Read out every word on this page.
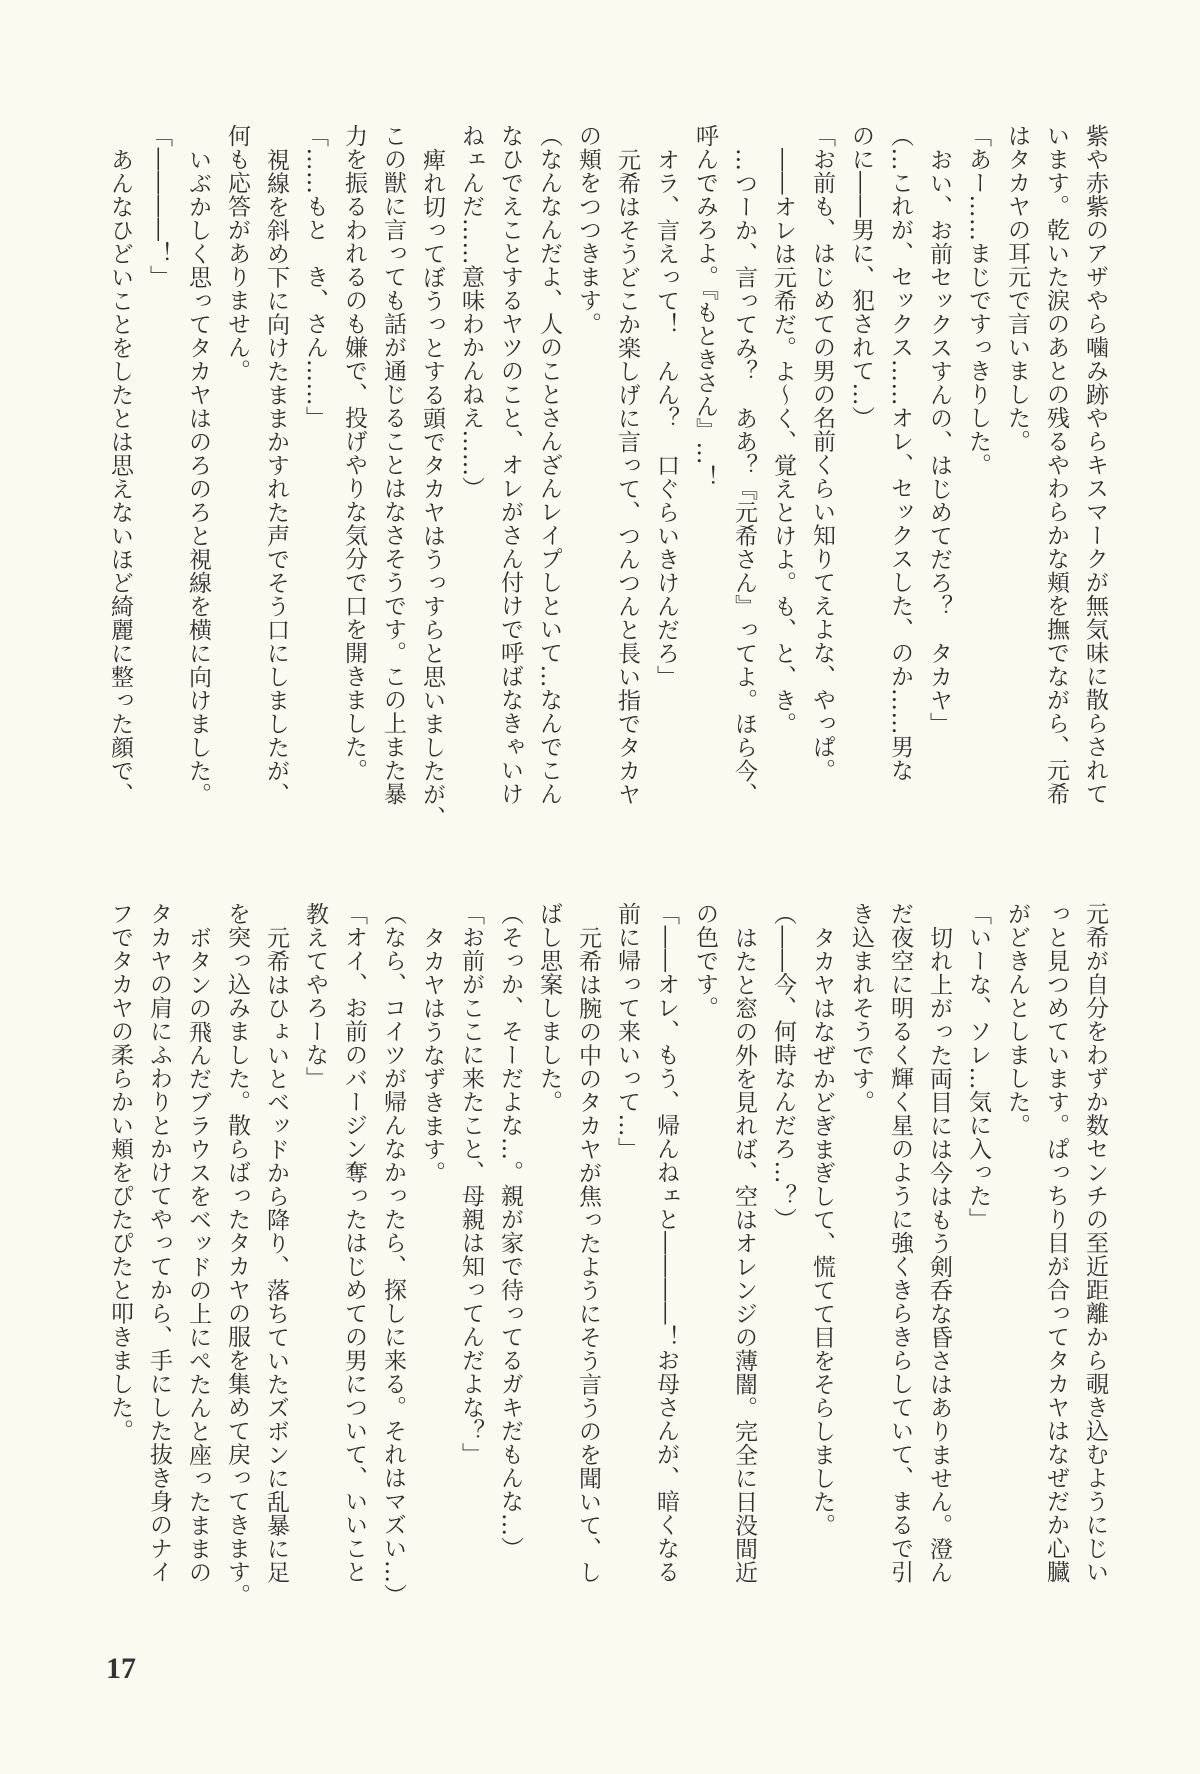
紫や赤紫のアザやら噛み跡やらキスマークが無気味に散らされて
います。乾いた涙のあとの残るやわらかな頬を撫でながら、元希
はタカヤの耳元で言いました。
「あー……まじですっきりした。
おい、お前セックスすんの、はじめてだろ？　タカヤ」
（…これが、セックス……オレ、セックスした、のか……男な
のに――男に、犯されて…）
「お前も、はじめての男の名前くらい知りてえよな、やっぱ。
――オレは元希だ。よ～く、覚えとけよ。も、と、き。
…つーか、言ってみ？　ああ？『元希さん』ってよ。ほら今、
呼んでみろよ。『もときさん』…！
オラ、言えって！　んん？　口ぐらいきけんだろ」
元希はそうどこか楽しげに言って、つんつんと長い指でタカヤ
の頬をつつきます。
（なんなんだよ、人のことさんざんレイプしといて…なんでこん
なひでえことするヤツのこと、オレがさん付けで呼ばなきゃいけ
ねェんだ……意味わかんねえ……）
痺れ切ってぼうっとする頭でタカヤはうっすらと思いましたが、
この獣に言っても話が通じることはなさそうです。この上また暴
力を振るわれるのも嫌で、投げやりな気分で口を開きました。
「……もと　き、さん……」
視線を斜め下に向けたままかすれた声でそう口にしましたが、
何も応答がありません。
いぶかしく思ってタカヤはのろのろと視線を横に向けました。
「――――！」
あんなひどいことをしたとは思えないほど綺麗に整った顔で、
元希が自分をわずか数センチの至近距離から覗き込むようにじい
っと見つめています。ぱっちり目が合ってタカヤはなぜだか心臓
がどきんとしました。
「いーな、ソレ…気に入った」
切れ上がった両目には今はもう剣呑な昏さはありません。澄ん
だ夜空に明るく輝く星のように強くきらきらしていて、まるで引
き込まれそうです。
タカヤはなぜかどぎまぎして、慌てて目をそらしました。
（――今、何時なんだろ…？）
はたと窓の外を見れば、空はオレンジの薄闇。完全に日没間近
の色です。
「――オレ、もう、帰んねェと――――！お母さんが、暗くなる
前に帰って来いって…」
元希は腕の中のタカヤが焦ったようにそう言うのを聞いて、し
ばし思案しました。
（そっか、そーだよな…。親が家で待ってるガキだもんな…）
「お前がここに来たこと、母親は知ってんだよな？」
タカヤはうなずきます。
（なら、コイツが帰んなかったら、探しに来る。それはマズい…）
「オイ、お前のバージン奪ったはじめての男について、いいこと
教えてやろーな」
元希はひょいとベッドから降り、落ちていたズボンに乱暴に足
を突っ込みました。散らばったタカヤの服を集めて戻ってきます。
ボタンの飛んだブラウスをベッドの上にぺたんと座ったままの
タカヤの肩にふわりとかけてやってから、手にした抜き身のナイ
フでタカヤの柔らかい頬をぴたぴたと叩きました。
17
